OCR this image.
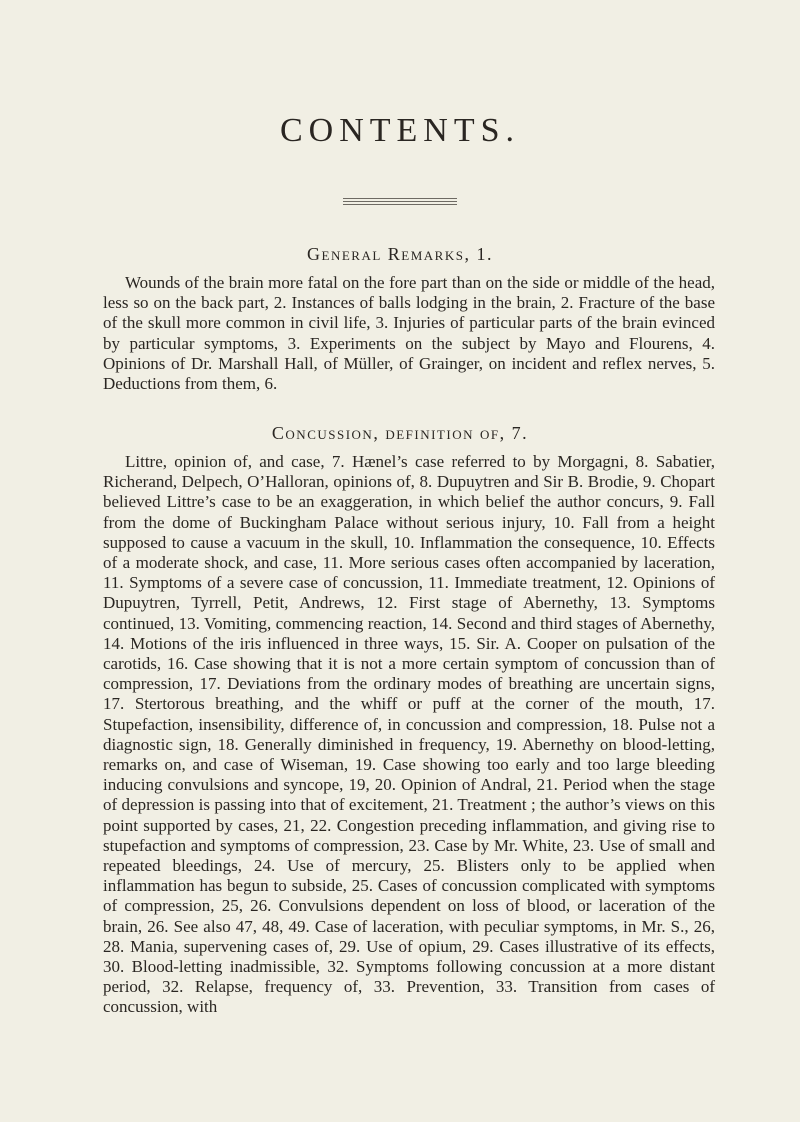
CONTENTS.
General Remarks, 1.

Wounds of the brain more fatal on the fore part than on the side or middle of the head, less so on the back part, 2. Instances of balls lodging in the brain, 2. Fracture of the base of the skull more common in civil life, 3. Injuries of particular parts of the brain evinced by particular symptoms, 3. Experiments on the subject by Mayo and Flourens, 4. Opinions of Dr. Marshall Hall, of Müller, of Grainger, on incident and reflex nerves, 5. Deductions from them, 6.

Concussion, definition of, 7.

Littre, opinion of, and case, 7. Hænel’s case referred to by Morgagni, 8. Sabatier, Richerand, Delpech, O’Halloran, opinions of, 8. Dupuytren and Sir B. Brodie, 9. Chopart believed Littre’s case to be an exaggeration, in which belief the author concurs, 9. Fall from the dome of Buckingham Palace without serious injury, 10. Fall from a height supposed to cause a vacuum in the skull, 10. Inflammation the consequence, 10. Effects of a moderate shock, and case, 11. More serious cases often accompanied by laceration, 11. Symptoms of a severe case of concussion, 11. Immediate treatment, 12. Opinions of Dupuytren, Tyrrell, Petit, Andrews, 12. First stage of Abernethy, 13. Symptoms continued, 13. Vomiting, commencing reaction, 14. Second and third stages of Abernethy, 14. Motions of the iris influenced in three ways, 15. Sir. A. Cooper on pulsation of the carotids, 16. Case showing that it is not a more certain symptom of concussion than of compression, 17. Deviations from the ordinary modes of breathing are uncertain signs, 17. Stertorous breathing, and the whiff or puff at the corner of the mouth, 17. Stupefaction, insensibility, difference of, in concussion and compression, 18. Pulse not a diagnostic sign, 18. Generally diminished in frequency, 19. Abernethy on blood-letting, remarks on, and case of Wiseman, 19. Case showing too early and too large bleeding inducing convulsions and syncope, 19, 20. Opinion of Andral, 21. Period when the stage of depression is passing into that of excitement, 21. Treatment ; the author’s views on this point supported by cases, 21, 22. Congestion preceding inflammation, and giving rise to stupefaction and symptoms of compression, 23. Case by Mr. White, 23. Use of small and repeated bleedings, 24. Use of mercury, 25. Blisters only to be applied when inflammation has begun to subside, 25. Cases of concussion complicated with symptoms of compression, 25, 26. Convulsions dependent on loss of blood, or laceration of the brain, 26. See also 47, 48, 49. Case of laceration, with peculiar symptoms, in Mr. S., 26, 28. Mania, supervening cases of, 29. Use of opium, 29. Cases illustrative of its effects, 30. Blood-letting inadmissible, 32. Symptoms following concussion at a more distant period, 32. Relapse, frequency of, 33. Prevention, 33. Transition from cases of concussion, with
